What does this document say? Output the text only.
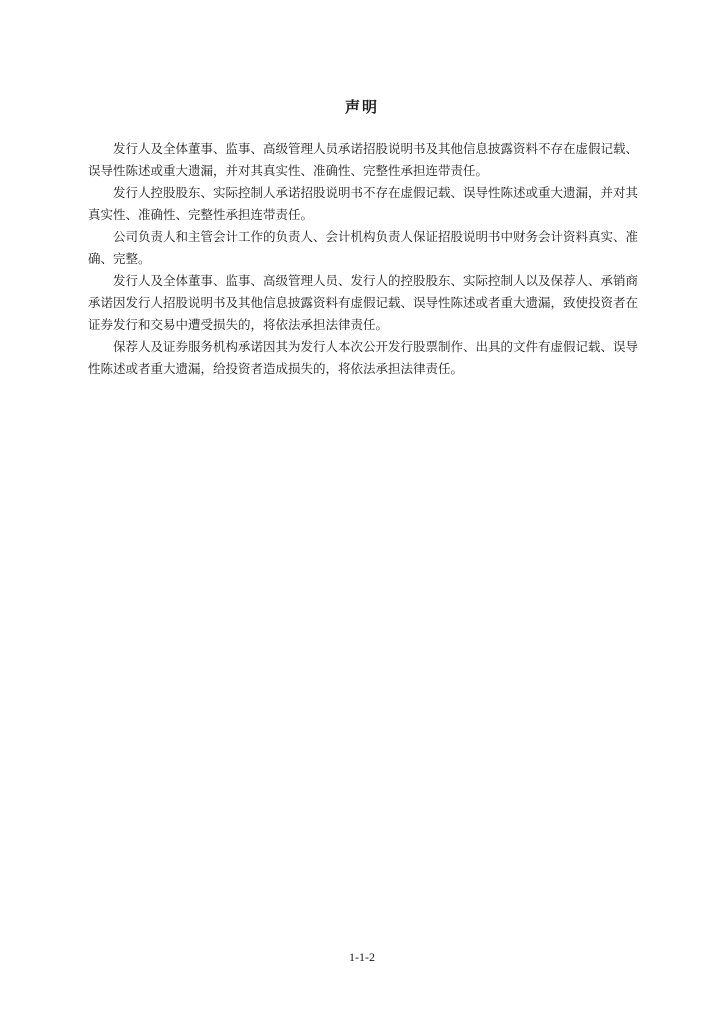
声明

发行人及全体董事、监事、高级管理人员承诺招股说明书及其他信息披露资料不存在虚假记载、误导性陈述或重大遗漏，并对其真实性、准确性、完整性承担连带责任。

发行人控股股东、实际控制人承诺招股说明书不存在虚假记载、误导性陈述或重大遗漏，并对其真实性、准确性、完整性承担连带责任。

公司负责人和主管会计工作的负责人、会计机构负责人保证招股说明书中财务会计资料真实、准确、完整。

发行人及全体董事、监事、高级管理人员、发行人的控股股东、实际控制人以及保荐人、承销商承诺因发行人招股说明书及其他信息披露资料有虚假记载、误导性陈述或者重大遗漏，致使投资者在证券发行和交易中遭受损失的，将依法承担法律责任。

保荐人及证券服务机构承诺因其为发行人本次公开发行股票制作、出具的文件有虚假记载、误导性陈述或者重大遗漏，给投资者造成损失的，将依法承担法律责任。

1-1-2
